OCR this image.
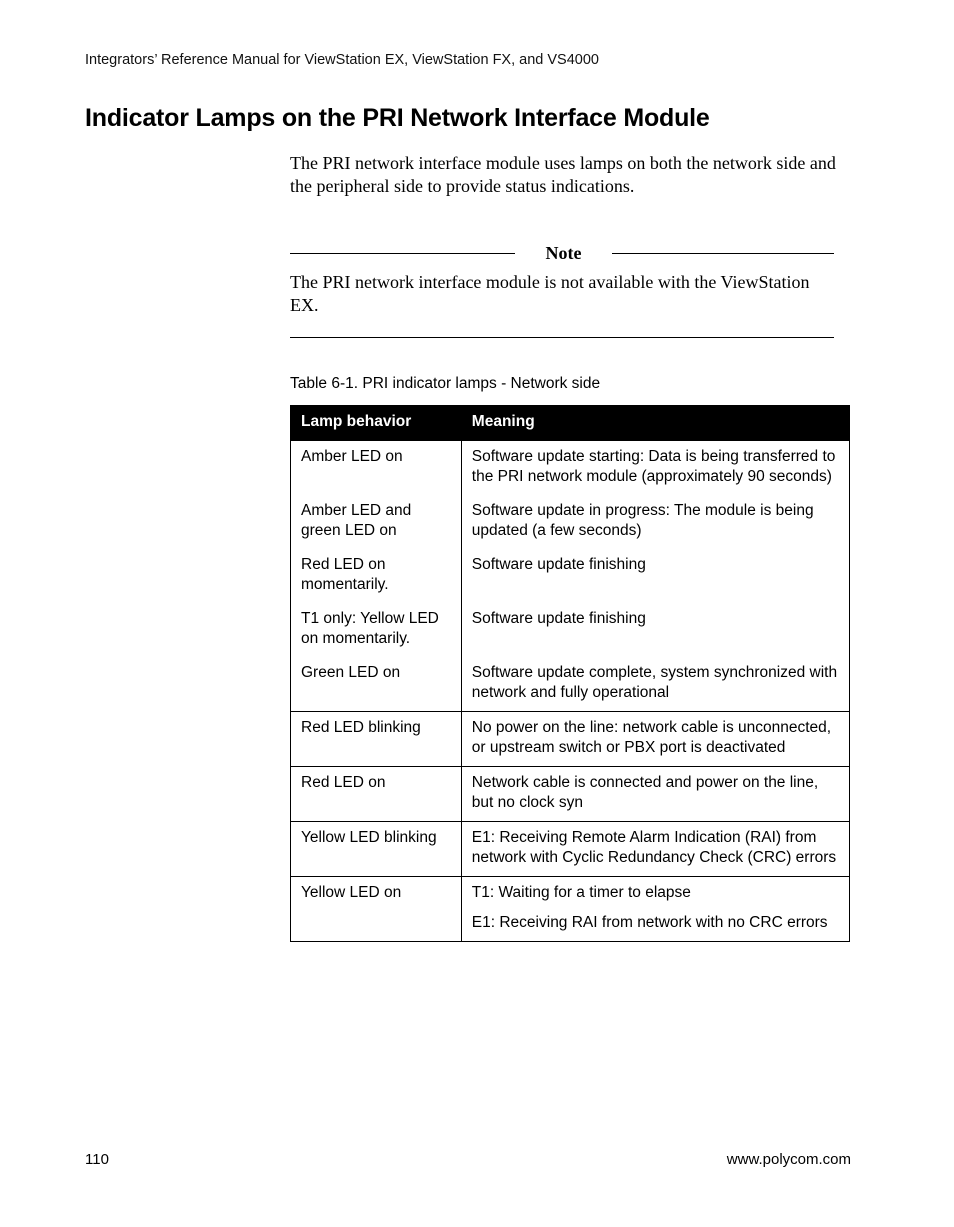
Integrators’ Reference Manual for ViewStation EX, ViewStation FX, and VS4000
Indicator Lamps on the PRI Network Interface Module

The PRI network interface module uses lamps on both the network side and the peripheral side to provide status indications.

Note

The PRI network interface module is not available with the ViewStation EX.

Table 6-1. PRI indicator lamps - Network side
Lamp behavior	Meaning

Amber LED on	Software update starting: Data is being transferred to the PRI network module (approximately 90 seconds)

Amber LED and green LED on	Software update in progress: The module is being updated (a few seconds)

Red LED on momentarily.	Software update finishing

T1 only: Yellow LED on momentarily.	Software update finishing

Green LED on	Software update complete, system synchronized with network and fully operational

Red LED blinking	No power on the line: network cable is unconnected, or upstream switch or PBX port is deactivated

Red LED on	Network cable is connected and power on the line, but no clock syn

Yellow LED blinking	E1: Receiving Remote Alarm Indication (RAI) from network with Cyclic Redundancy Check (CRC) errors

Yellow LED on	T1: Waiting for a timer to elapse
E1: Receiving RAI from network with no CRC errors
110	www.polycom.com
